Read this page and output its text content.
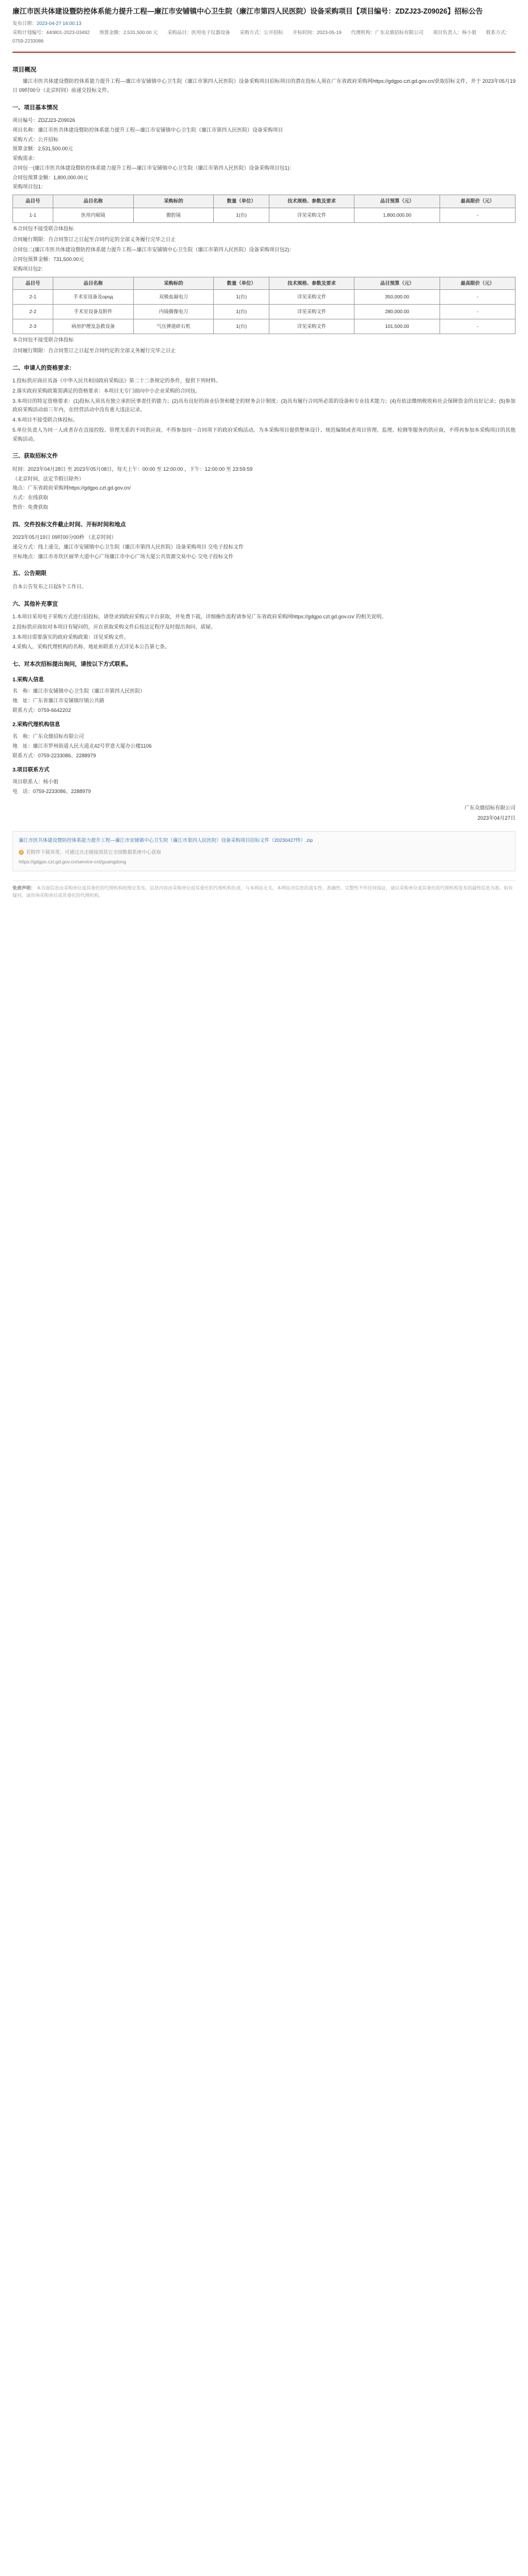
廉江市医共体建设暨防控体系能力提升工程—廉江市安铺镇中心卫生院（廉江市第四人民医院）设备采购项目【项目编号：ZDZJ23-Z09026】招标公告
发布日期：2023-04-27 16:00:13
采购计划编号：440801-2023-03492　　预算金额：2,531,500.00 元　　采购品目：医用电子仪器设备　　采购方式：公开招标　　开标时间：2023-05-19　　代理机构：广东众鼎招标有限公司　　项目负责人：杨小姐　　联系方式：0759-2233086
项目概况

廉江市医共体建设暨防控体系能力提升工程—廉江市安铺镇中心卫生院（廉江市第四人民医院）设备采购项目招标项目的潜在投标人须在广东省政府采购网https://gdgpo.czt.gd.gov.cn/获取招标文件，并于 2023年05月19日 09时00分（北京时间）前递交投标文件。

一、项目基本情况

项目编号：ZDZJ23-Z09026

项目名称：廉江市医共体建设暨防控体系能力提升工程—廉江市安铺镇中心卫生院（廉江市第四人民医院）设备采购项目

采购方式：公开招标

预算金额：2,531,500.00元

采购需求：

合同包一(廉江市医共体建设暨防控体系能力提升工程—廉江市安铺镇中心卫生院（廉江市第四人民医院）设备采购项目包1)：

合同包预算金额：1,800,000.00元

采购项目包1：

品目号	品目名称	采购标的	数量（单位）	技术规格、参数及要求	品目预算（元）	最高限价（元）
1-1	医用内窥镜	腹腔镜	1(台)	详见采购文件	1,800,000.00	-

本合同包不接受联合体投标

合同履行期限：自合同签订之日起至合同约定的全部义务履行完毕之日止

合同包二(廉江市医共体建设暨防控体系能力提升工程—廉江市安铺镇中心卫生院（廉江市第四人民医院）设备采购项目包2)：

合同包预算金额：731,500.00元

采购项目包2：

品目号	品目名称	采购标的	数量（单位）	技术规格、参数及要求	品目预算（元）	最高限价（元）
2-1	手术室设备及ород	双极血凝电刀	1(台)	详见采购文件	350,000.00	-
2-2	手术室设备及附件	内镜摄像电刀	1(台)	详见采购文件	280,000.00	-
2-3	病房护理及急救设备	气压弹道碎石机	1(台)	详见采购文件	101,500.00	-

本合同包不接受联合体投标

合同履行期限：自合同签订之日起至合同约定的全部义务履行完毕之日止

二、申请人的资格要求：

1.投标供应商应具备《中华人民共和国政府采购法》第二十二条规定的条件，提供下列材料。

2.落实政府采购政策需满足的资格要求：本项目无专门面向中小企业采购的合同包。

3.本项目的特定资格要求：(1)投标人须具有独立承担民事责任的能力；(2)具有良好的商业信誉和健全的财务会计制度；(3)具有履行合同所必需的设备和专业技术能力；(4)有依法缴纳税收和社会保障资金的良好记录；(5)参加政府采购活动前三年内，在经营活动中没有重大违法记录。

4.本项目不接受联合体投标。

5.单位负责人为同一人或者存在直接控股、管理关系的不同供应商，不得参加同一合同项下的政府采购活动。为本采购项目提供整体设计、规范编制或者项目管理、监理、检测等服务的供应商，不得再参加本采购项目的其他采购活动。

三、获取招标文件

时间：2023年04月28日 至 2023年05月08日，每天上午：00:00 至 12:00:00 ，下午：12:00:00 至 23:59:59

（北京时间，法定节假日除外）

地点：广东省政府采购网https://gdgpo.czt.gd.gov.cn/

方式：在线获取

售价：免费获取

四、交件投标文件截止时间、开标时间和地点

2023年05月19日 09时00分00秒 （北京时间）

递交方式：线上递交，廉江市安铺镇中心卫生院（廉江市第四人民医院）设备采购项目 交电子投标文件

开标地点：廉江市赤坎区丽华大道中心广场廉江市中心广场大厦公共资源交易中心 交电子投标文件

五、公告期限

自本公告发布之日起5个工作日。

六、其他补充事宜

1.本项目采用电子采购方式进行招投标，请登录到政府采购云平台获取，并免费下载，详细操作流程请参见广东省政府采购网https://gdgpo.czt.gd.gov.cn/ 的相关说明。

2.投标供应商如对本项目有疑问的，应在获取采购文件后按法定程序及时提出询问、质疑。

3.本项目需要落实的政府采购政策：详见采购文件。

4.采购人、采购代理机构的名称、地址和联系方式详见本公告第七条。

七、对本次招标提出询问，请按以下方式联系。
1.采购人信息

名　称：廉江市安铺镇中心卫生院（廉江市第四人民医院）

地　址：广东省廉江市安铺镇圩镇公共路

联系方式：0759-6642202

2.采购代理机构信息

名　称：广东众鼎招标有限公司

地　址：廉江市罗州街道人民大道北42号罗意大厦办公楼1106

联系方式：0759-2233086、2288979

3.项目联系方式

项目联系人：杨小姐

电　话：0759-2233086、2288979

广东众鼎招标有限公司
2023年04月27日
廉江市医共体建设暨防控体系能力提升工程—廉江市安铺镇中心卫生院（廉江市第四人民医院）设备采购项目招标文件（20230427终）.zip
i 若附件下载异常，可通过点击链接到其它全国数据系统中心获取
https://gdgpo.czt.gd.gov.cn/service-cnt/guangdong
免责声明： 本页面信息由采购单位或其委托的代理机构按规定发布，信息内容由采购单位或其委托的代理机构负责，与本网站无关。本网站对信息的真实性、准确性、完整性不作任何保证，请以采购单位或其委托的代理机构发布的最终信息为准。如有疑问，请咨询采购单位或其委托的代理机构。
